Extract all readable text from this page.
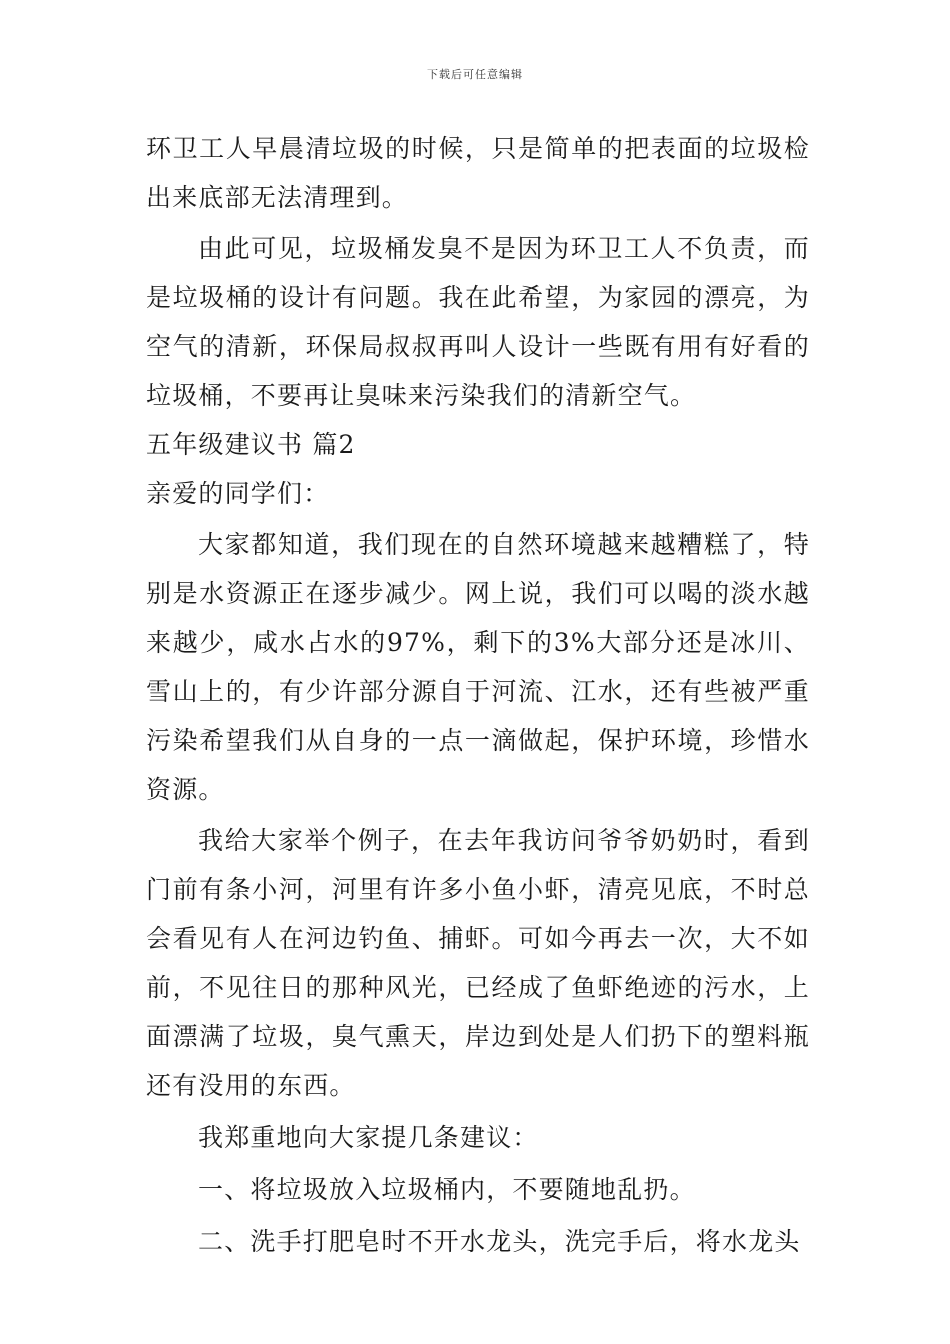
下载后可任意编辑

环卫工人早晨清垃圾的时候，只是简单的把表面的垃圾检出来底部无法清理到。

由此可见，垃圾桶发臭不是因为环卫工人不负责，而是垃圾桶的设计有问题。我在此希望，为家园的漂亮，为空气的清新，环保局叔叔再叫人设计一些既有用有好看的垃圾桶，不要再让臭味来污染我们的清新空气。

五年级建议书 篇2

亲爱的同学们：

大家都知道，我们现在的自然环境越来越糟糕了，特别是水资源正在逐步减少。网上说，我们可以喝的淡水越来越少，咸水占水的97%，剩下的3%大部分还是冰川、雪山上的，有少许部分源自于河流、江水，还有些被严重污染希望我们从自身的一点一滴做起，保护环境，珍惜水资源。

我给大家举个例子，在去年我访问爷爷奶奶时，看到门前有条小河，河里有许多小鱼小虾，清亮见底，不时总会看见有人在河边钓鱼、捕虾。可如今再去一次，大不如前，不见往日的那种风光，已经成了鱼虾绝迹的污水，上面漂满了垃圾，臭气熏天，岸边到处是人们扔下的塑料瓶还有没用的东西。

我郑重地向大家提几条建议：

一、将垃圾放入垃圾桶内，不要随地乱扔。

二、洗手打肥皂时不开水龙头，洗完手后，将水龙头
